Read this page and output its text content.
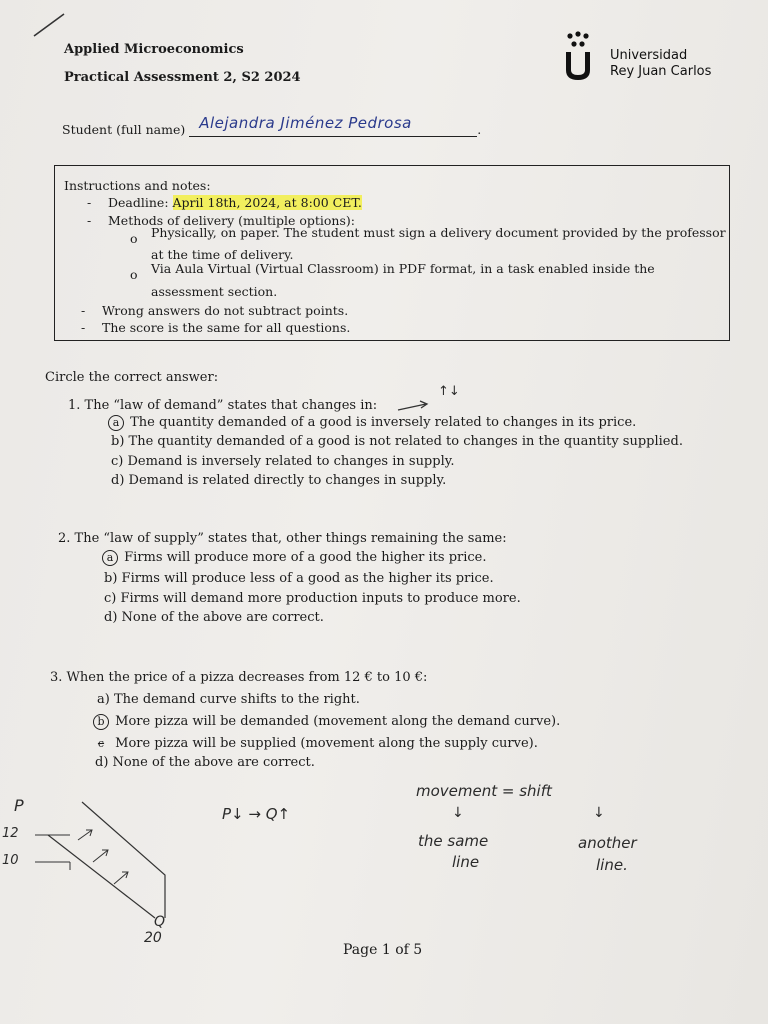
Applied Microeconomics
Practical Assessment 2, S2 2024
Universidad
Rey Juan Carlos
Student (full name) Alejandra Jiménez Pedrosa	.
Instructions and notes:
- Deadline: April 18th, 2024, at 8:00 CET.
- Methods of delivery (multiple options):
o Physically, on paper. The student must sign a delivery document provided by the professor
at the time of delivery.
o Via Aula Virtual (Virtual Classroom) in PDF format, in a task enabled inside the
assessment section.
- Wrong answers do not subtract points.
- The score is the same for all questions.
Circle the correct answer:
1. The “law of demand” states that changes in:
a The quantity demanded of a good is inversely related to changes in its price.
b) The quantity demanded of a good is not related to changes in the quantity supplied.
c) Demand is inversely related to changes in supply.
d) Demand is related directly to changes in supply.
↑↓
2. The “law of supply” states that, other things remaining the same:
a Firms will produce more of a good the higher its price.
b) Firms will produce less of a good as the higher its price.
c) Firms will demand more production inputs to produce more.
d) None of the above are correct.
3. When the price of a pizza decreases from 12 € to 10 €:
a) The demand curve shifts to the right.
b More pizza will be demanded (movement along the demand curve).
c More pizza will be supplied (movement along the supply curve).
d) None of the above are correct.
P
12
10
Q
20
P↓ → Q↑
movement = shift
↓	↓
the same
line
another
line.
Page 1 of 5
